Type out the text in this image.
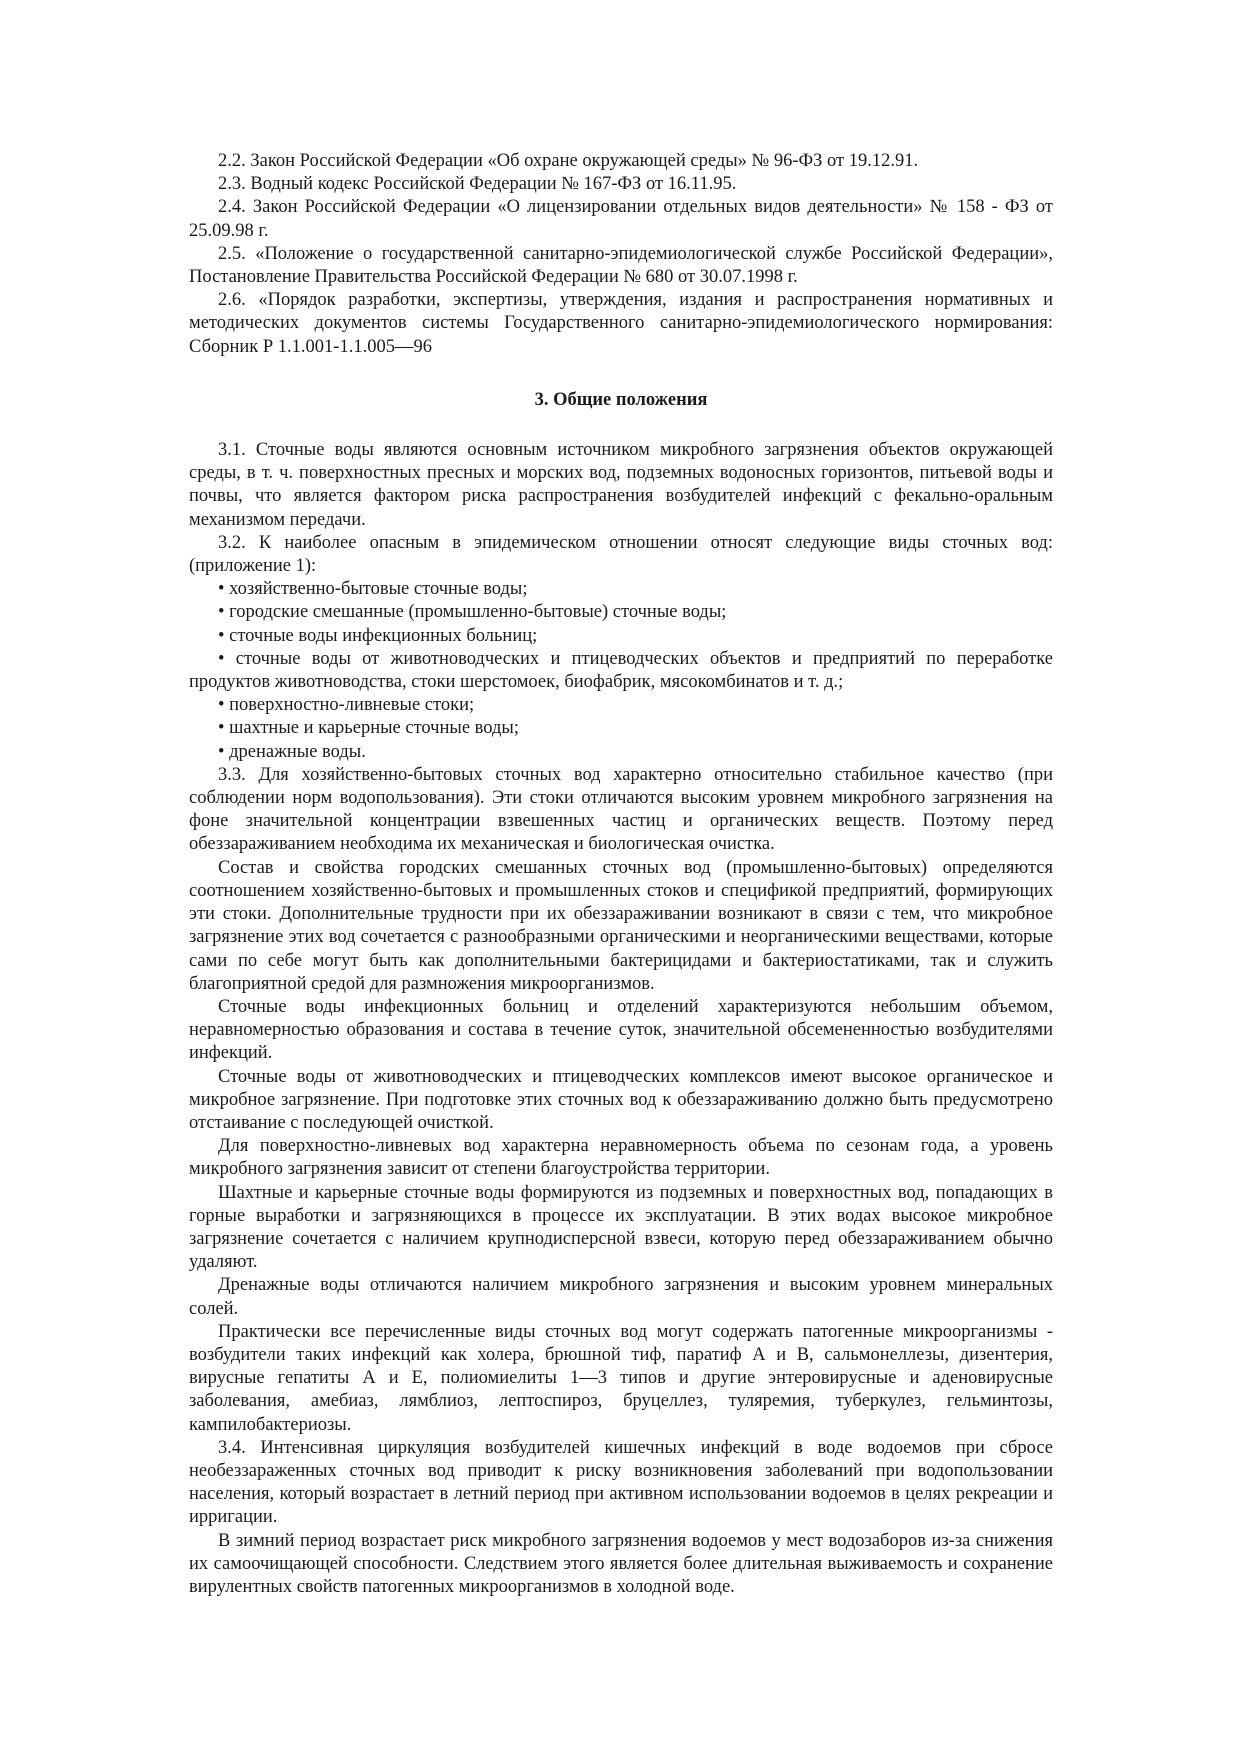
2.2. Закон Российской Федерации «Об охране окружающей среды» № 96-ФЗ от 19.12.91.

2.3. Водный кодекс Российской Федерации № 167-ФЗ от 16.11.95.

2.4. Закон Российской Федерации «О лицензировании отдельных видов деятельности» № 158 - ФЗ от 25.09.98 г.

2.5. «Положение о государственной санитарно-эпидемиологической службе Российской Федерации», Постановление Правительства Российской Федерации № 680 от 30.07.1998 г.

2.6. «Порядок разработки, экспертизы, утверждения, издания и распространения нормативных и методических документов системы Государственного санитарно-эпидемиологического нормирования: Сборник Р 1.1.001-1.1.005—96

3. Общие положения

3.1. Сточные воды являются основным источником микробного загрязнения объектов окружающей среды, в т. ч. поверхностных пресных и морских вод, подземных водоносных горизонтов, питьевой воды и почвы, что является фактором риска распространения возбудителей инфекций с фекально-оральным механизмом передачи.

3.2. К наиболее опасным в эпидемическом отношении относят следующие виды сточных вод: (приложение 1):

• хозяйственно-бытовые сточные воды;

• городские смешанные (промышленно-бытовые) сточные воды;

• сточные воды инфекционных больниц;

• сточные воды от животноводческих и птицеводческих объектов и предприятий по переработке продуктов животноводства, стоки шерстомоек, биофабрик, мясокомбинатов и т. д.;

• поверхностно-ливневые стоки;

• шахтные и карьерные сточные воды;

• дренажные воды.

3.3. Для хозяйственно-бытовых сточных вод характерно относительно стабильное качество (при соблюдении норм водопользования). Эти стоки отличаются высоким уровнем микробного загрязнения на фоне значительной концентрации взвешенных частиц и органических веществ. Поэтому перед обеззараживанием необходима их механическая и биологическая очистка.

Состав и свойства городских смешанных сточных вод (промышленно-бытовых) определяются соотношением хозяйственно-бытовых и промышленных стоков и спецификой предприятий, формирующих эти стоки. Дополнительные трудности при их обеззараживании возникают в связи с тем, что микробное загрязнение этих вод сочетается с разнообразными органическими и неорганическими веществами, которые сами по себе могут быть как дополнительными бактерицидами и бактериостатиками, так и служить благоприятной средой для размножения микроорганизмов.

Сточные воды инфекционных больниц и отделений характеризуются небольшим объемом, неравномерностью образования и состава в течение суток, значительной обсемененностью возбудителями инфекций.

Сточные воды от животноводческих и птицеводческих комплексов имеют высокое органическое и микробное загрязнение. При подготовке этих сточных вод к обеззараживанию должно быть предусмотрено отстаивание с последующей очисткой.

Для поверхностно-ливневых вод характерна неравномерность объема по сезонам года, а уровень микробного загрязнения зависит от степени благоустройства территории.

Шахтные и карьерные сточные воды формируются из подземных и поверхностных вод, попадающих в горные выработки и загрязняющихся в процессе их эксплуатации. В этих водах высокое микробное загрязнение сочетается с наличием крупнодисперсной взвеси, которую перед обеззараживанием обычно удаляют.

Дренажные воды отличаются наличием микробного загрязнения и высоким уровнем минеральных солей.

Практически все перечисленные виды сточных вод могут содержать патогенные микроорганизмы - возбудители таких инфекций как холера, брюшной тиф, паратиф А и В, сальмонеллезы, дизентерия, вирусные гепатиты А и Е, полиомиелиты 1—3 типов и другие энтеровирусные и аденовирусные заболевания, амебиаз, лямблиоз, лептоспироз, бруцеллез, туляремия, туберкулез, гельминтозы, кампилобактериозы.

3.4. Интенсивная циркуляция возбудителей кишечных инфекций в воде водоемов при сбросе необеззараженных сточных вод приводит к риску возникновения заболеваний при водопользовании населения, который возрастает в летний период при активном использовании водоемов в целях рекреации и ирригации.

В зимний период возрастает риск микробного загрязнения водоемов у мест водозаборов из-за снижения их самоочищающей способности. Следствием этого является более длительная выживаемость и сохранение вирулентных свойств патогенных микроорганизмов в холодной воде.
